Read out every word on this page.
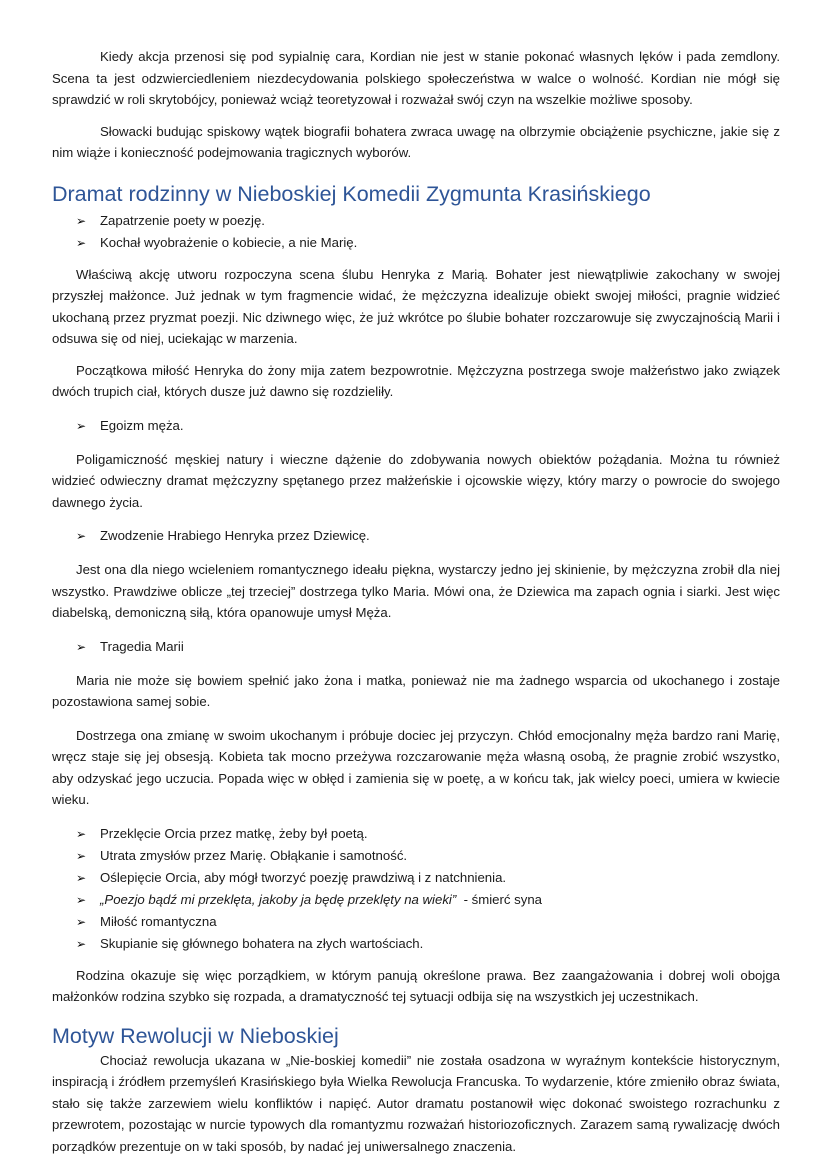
Kiedy akcja przenosi się pod sypialnię cara, Kordian nie jest w stanie pokonać własnych lęków i pada zemdlony. Scena ta jest odzwierciedleniem niezdecydowania polskiego społeczeństwa w walce o wolność. Kordian nie mógł się sprawdzić w roli skrytobójcy, ponieważ wciąż teoretyzował i rozważał swój czyn na wszelkie możliwe sposoby.

Słowacki budując spiskowy wątek biografii bohatera zwraca uwagę na olbrzymie obciążenie psychiczne, jakie się z nim wiąże i konieczność podejmowania tragicznych wyborów.

Dramat rodzinny w Nieboskiej Komedii Zygmunta Krasińskiego
➢	Zapatrzenie poety w poezję.
➢	Kochał wyobrażenie o kobiecie, a nie Marię.

Właściwą akcję utworu rozpoczyna scena ślubu Henryka z Marią. Bohater jest niewątpliwie zakochany w swojej przyszłej małżonce. Już jednak w tym fragmencie widać, że mężczyzna idealizuje obiekt swojej miłości, pragnie widzieć ukochaną przez pryzmat poezji. Nic dziwnego więc, że już wkrótce po ślubie bohater rozczarowuje się zwyczajnością Marii i odsuwa się od niej, uciekając w marzenia.

Początkowa miłość Henryka do żony mija zatem bezpowrotnie. Mężczyzna postrzega swoje małżeństwo jako związek dwóch trupich ciał, których dusze już dawno się rozdzieliły.

➢	Egoizm męża.

Poligamiczność męskiej natury i wieczne dążenie do zdobywania nowych obiektów pożądania. Można tu również widzieć odwieczny dramat mężczyzny spętanego przez małżeńskie i ojcowskie więzy, który marzy o powrocie do swojego dawnego życia.

➢	Zwodzenie Hrabiego Henryka przez Dziewicę.

Jest ona dla niego wcieleniem romantycznego ideału piękna, wystarczy jedno jej skinienie, by mężczyzna zrobił dla niej wszystko. Prawdziwe oblicze „tej trzeciej” dostrzega tylko Maria. Mówi ona, że Dziewica ma zapach ognia i siarki. Jest więc diabelską, demoniczną siłą, która opanowuje umysł Męża.

➢	Tragedia Marii

Maria nie może się bowiem spełnić jako żona i matka, ponieważ nie ma żadnego wsparcia od ukochanego i zostaje pozostawiona samej sobie.

Dostrzega ona zmianę w swoim ukochanym i próbuje dociec jej przyczyn. Chłód emocjonalny męża bardzo rani Marię, wręcz staje się jej obsesją. Kobieta tak mocno przeżywa rozczarowanie męża własną osobą, że pragnie zrobić wszystko, aby odzyskać jego uczucia. Popada więc w obłęd i zamienia się w poetę, a w końcu tak, jak wielcy poeci, umiera w kwiecie wieku.

➢	Przeklęcie Orcia przez matkę, żeby był poetą.
➢	Utrata zmysłów przez Marię. Obłąkanie i samotność.
➢	Oślepięcie Orcia, aby mógł tworzyć poezję prawdziwą i z natchnienia.
➢	„Poezjo bądź mi przeklęta, jakoby ja będę przeklęty na wieki”  - śmierć syna
➢	Miłość romantyczna
➢	Skupianie się głównego bohatera na złych wartościach.

Rodzina okazuje się więc porządkiem, w którym panują określone prawa. Bez zaangażowania i dobrej woli obojga małżonków rodzina szybko się rozpada, a dramatyczność tej sytuacji odbija się na wszystkich jej uczestnikach.

Motyw Rewolucji w Nieboskiej

Chociaż rewolucja ukazana w „Nie-boskiej komedii” nie została osadzona w wyraźnym kontekście historycznym, inspiracją i źródłem przemyśleń Krasińskiego była Wielka Rewolucja Francuska. To wydarzenie, które zmieniło obraz świata, stało się także zarzewiem wielu konfliktów i napięć. Autor dramatu postanowił więc dokonać swoistego rozrachunku z przewrotem, pozostając w nurcie typowych dla romantyzmu rozważań historiozoficznych. Zarazem samą rywalizację dwóch porządków prezentuje on w taki sposób, by nadać jej uniwersalnego znaczenia.
